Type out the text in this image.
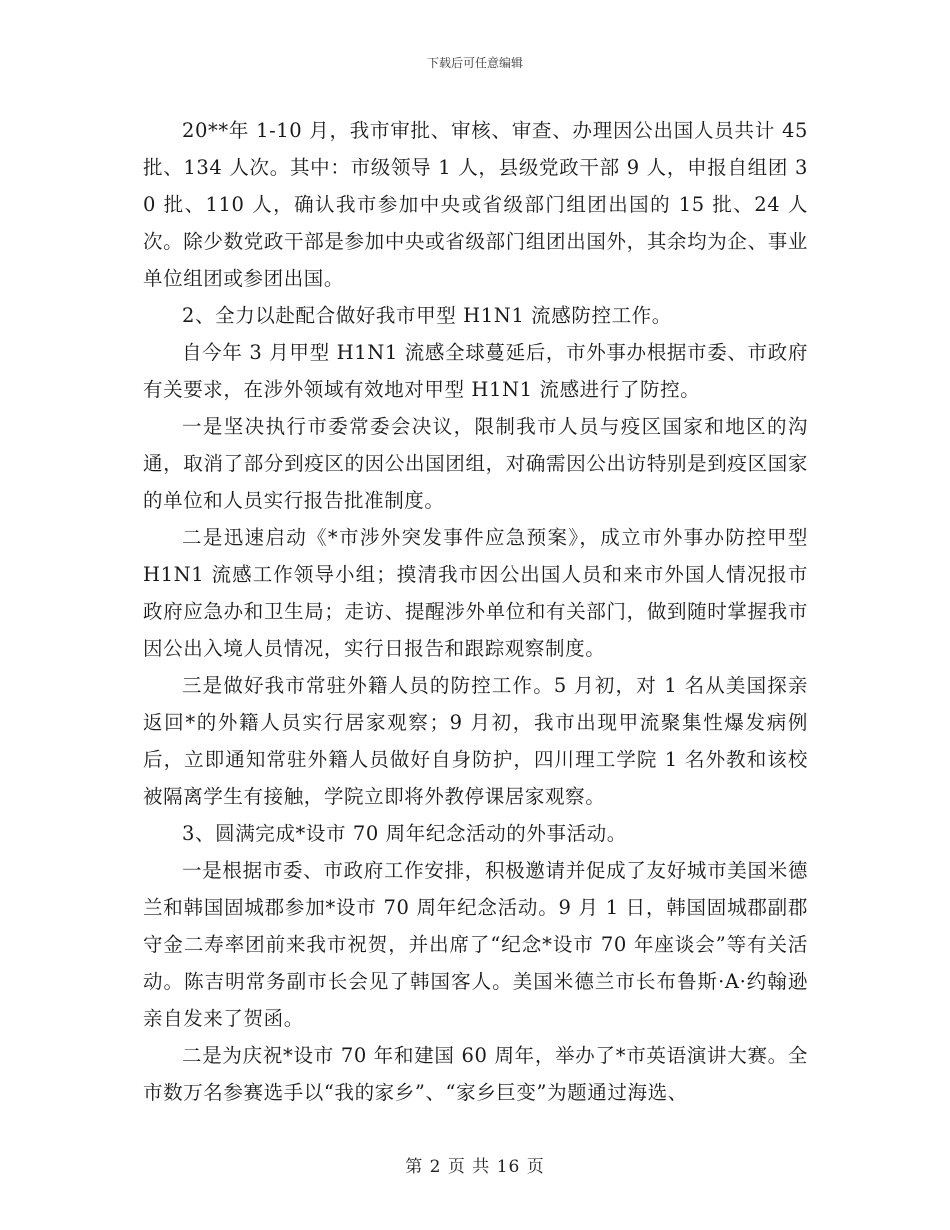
下载后可任意编辑

20**年 1-10 月，我市审批、审核、审查、办理因公出国人员共计 45 批、134 人次。其中：市级领导 1 人，县级党政干部 9 人，申报自组团 30 批、110 人，确认我市参加中央或省级部门组团出国的 15 批、24 人次。除少数党政干部是参加中央或省级部门组团出国外，其余均为企、事业单位组团或参团出国。

2、全力以赴配合做好我市甲型 H1N1 流感防控工作。

自今年 3 月甲型 H1N1 流感全球蔓延后，市外事办根据市委、市政府有关要求，在涉外领域有效地对甲型 H1N1 流感进行了防控。

一是坚决执行市委常委会决议，限制我市人员与疫区国家和地区的沟通，取消了部分到疫区的因公出国团组，对确需因公出访特别是到疫区国家的单位和人员实行报告批准制度。

二是迅速启动《*市涉外突发事件应急预案》，成立市外事办防控甲型 H1N1 流感工作领导小组；摸清我市因公出国人员和来市外国人情况报市政府应急办和卫生局；走访、提醒涉外单位和有关部门，做到随时掌握我市因公出入境人员情况，实行日报告和跟踪观察制度。

三是做好我市常驻外籍人员的防控工作。5 月初，对 1 名从美国探亲返回*的外籍人员实行居家观察；9 月初，我市出现甲流聚集性爆发病例后，立即通知常驻外籍人员做好自身防护，四川理工学院 1 名外教和该校被隔离学生有接触，学院立即将外教停课居家观察。

3、圆满完成*设市 70 周年纪念活动的外事活动。

一是根据市委、市政府工作安排，积极邀请并促成了友好城市美国米德兰和韩国固城郡参加*设市 70 周年纪念活动。9 月 1 日，韩国固城郡副郡守金二寿率团前来我市祝贺，并出席了“纪念*设市 70 年座谈会”等有关活动。陈吉明常务副市长会见了韩国客人。美国米德兰市长布鲁斯·A·约翰逊亲自发来了贺函。

二是为庆祝*设市 70 年和建国 60 周年，举办了*市英语演讲大赛。全市数万名参赛选手以“我的家乡”、“家乡巨变”为题通过海选、

第 2 页 共 16 页
